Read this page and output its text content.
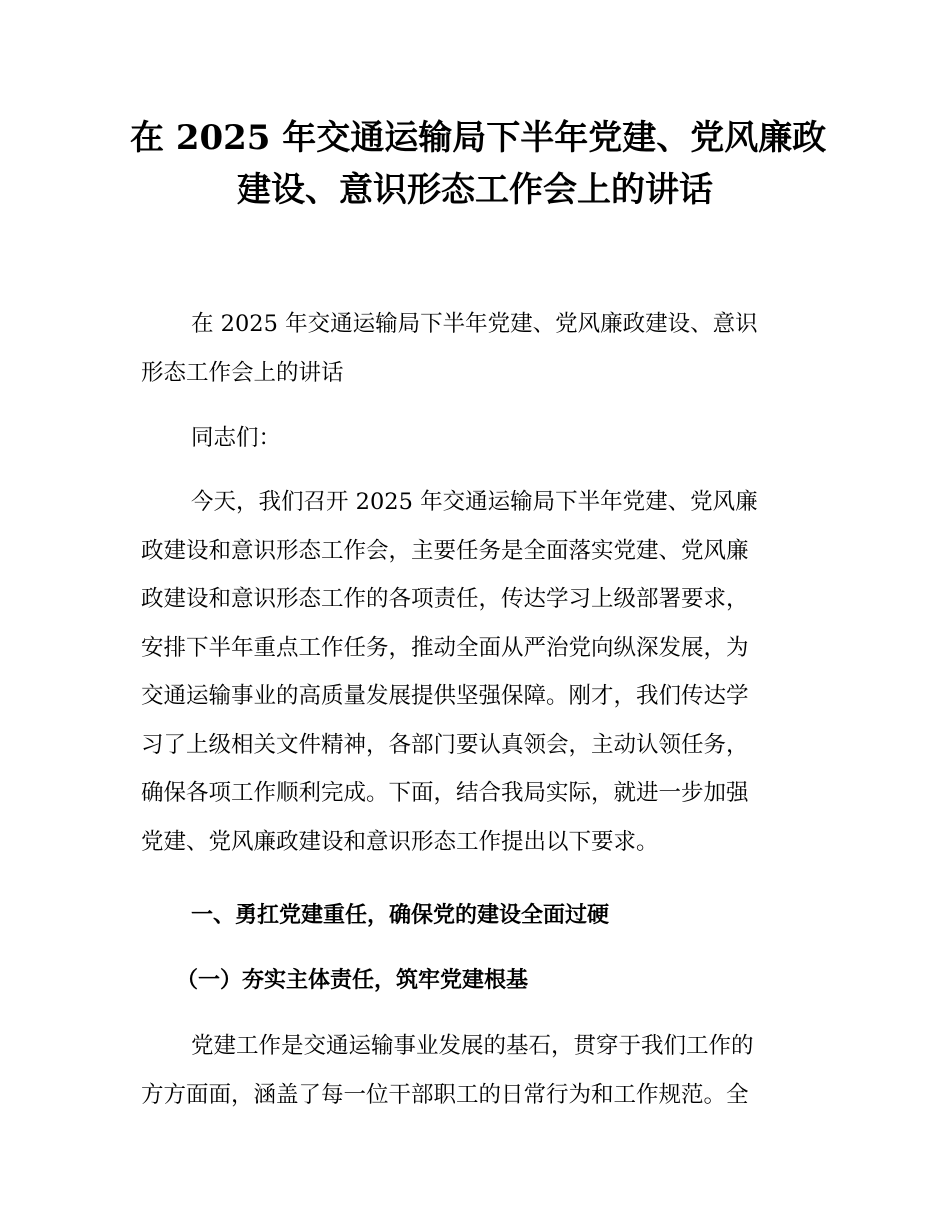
在 2025 年交通运输局下半年党建、党风廉政
建设、意识形态工作会上的讲话

在 2025 年交通运输局下半年党建、党风廉政建设、意识
形态工作会上的讲话

同志们：

今天，我们召开 2025 年交通运输局下半年党建、党风廉
政建设和意识形态工作会，主要任务是全面落实党建、党风廉
政建设和意识形态工作的各项责任，传达学习上级部署要求，
安排下半年重点工作任务，推动全面从严治党向纵深发展，为
交通运输事业的高质量发展提供坚强保障。刚才，我们传达学
习了上级相关文件精神，各部门要认真领会，主动认领任务，
确保各项工作顺利完成。下面，结合我局实际，就进一步加强
党建、党风廉政建设和意识形态工作提出以下要求。

一、勇扛党建重任，确保党的建设全面过硬
（一）夯实主体责任，筑牢党建根基

党建工作是交通运输事业发展的基石，贯穿于我们工作的
方方面面，涵盖了每一位干部职工的日常行为和工作规范。全
